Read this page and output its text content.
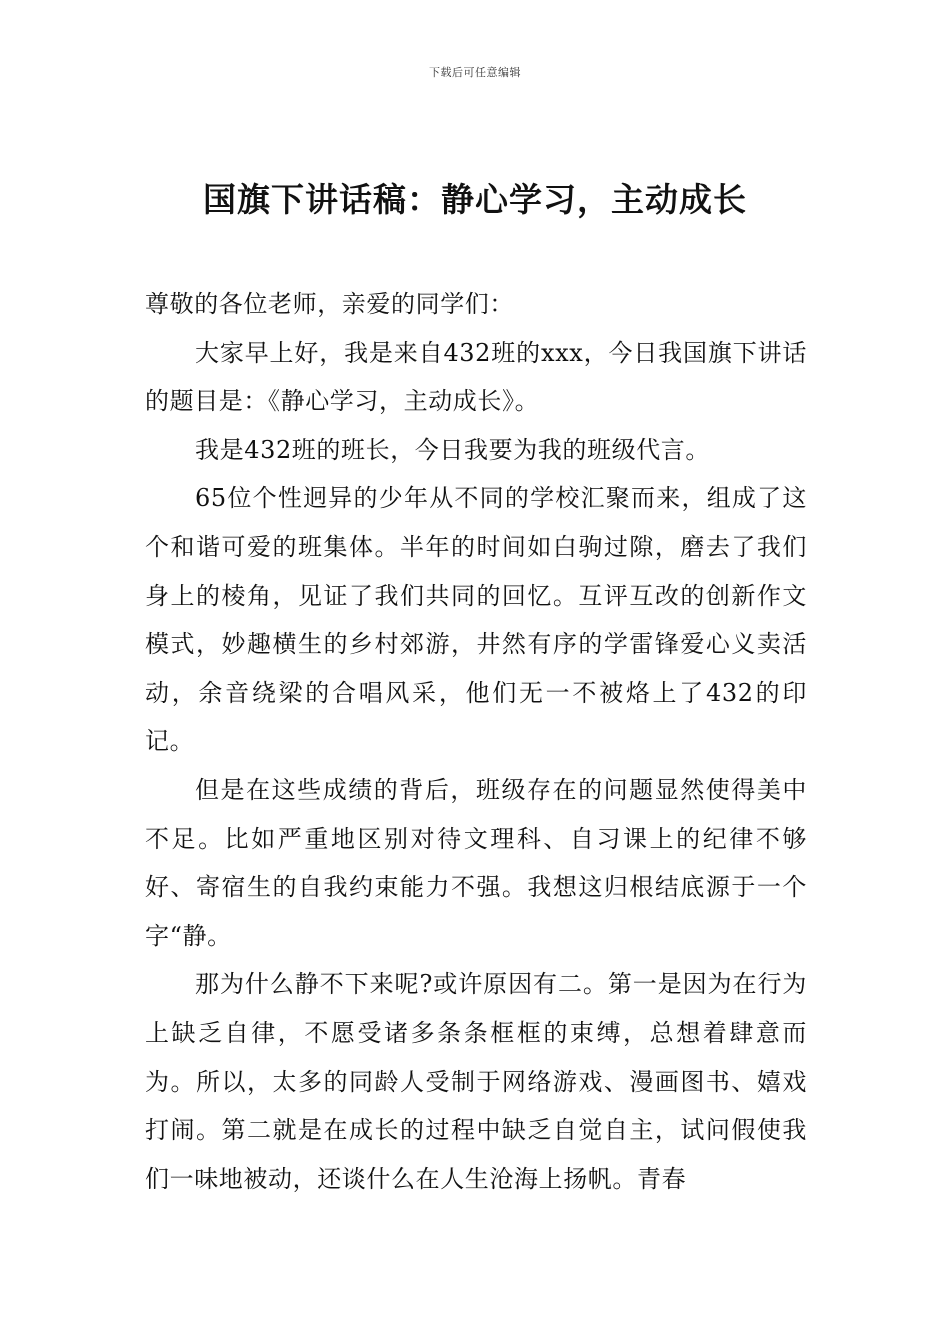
下载后可任意编辑
国旗下讲话稿：静心学习，主动成长

尊敬的各位老师，亲爱的同学们：

大家早上好，我是来自432班的xxx，今日我国旗下讲话的题目是：《静心学习，主动成长》。

我是432班的班长，今日我要为我的班级代言。

65位个性迥异的少年从不同的学校汇聚而来，组成了这个和谐可爱的班集体。半年的时间如白驹过隙，磨去了我们身上的棱角，见证了我们共同的回忆。互评互改的创新作文模式，妙趣横生的乡村郊游，井然有序的学雷锋爱心义卖活动，余音绕梁的合唱风采，他们无一不被烙上了432的印记。

但是在这些成绩的背后，班级存在的问题显然使得美中不足。比如严重地区别对待文理科、自习课上的纪律不够好、寄宿生的自我约束能力不强。我想这归根结底源于一个字“静。

那为什么静不下来呢?或许原因有二。第一是因为在行为上缺乏自律，不愿受诸多条条框框的束缚，总想着肆意而为。所以，太多的同龄人受制于网络游戏、漫画图书、嬉戏打闹。第二就是在成长的过程中缺乏自觉自主，试问假使我们一味地被动，还谈什么在人生沧海上扬帆。青春
